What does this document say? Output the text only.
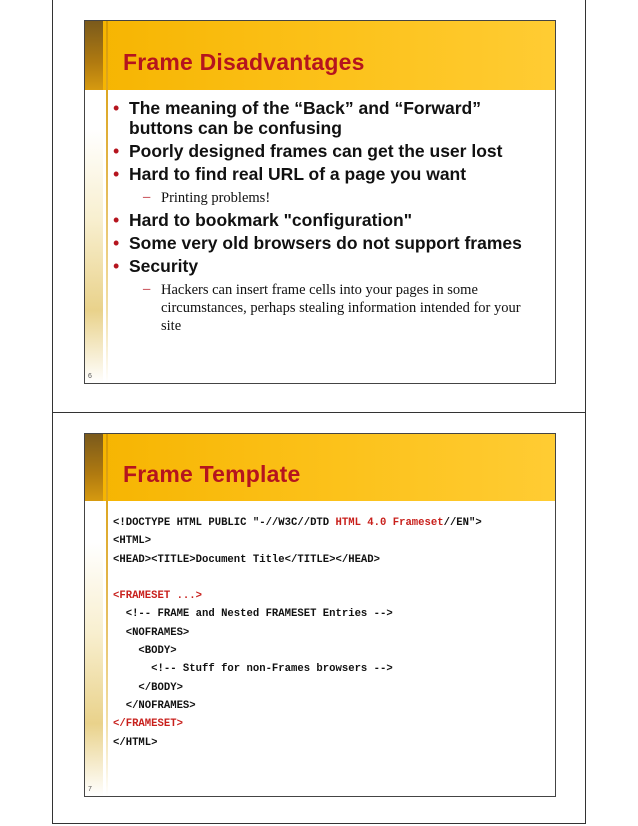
Frame Disadvantages
• The meaning of the “Back” and “Forward” buttons can be confusing
• Poorly designed frames can get the user lost
• Hard to find real URL of a page you want
– Printing problems!
• Hard to bookmark "configuration"
• Some very old browsers do not support frames
• Security
– Hackers can insert frame cells into your pages in some circumstances, perhaps stealing information intended for your site
6
Frame Template
<!DOCTYPE HTML PUBLIC "-//W3C//DTD HTML 4.0 Frameset//EN">
<HTML>
<HEAD><TITLE>Document Title</TITLE></HEAD>
<FRAMESET ...>
<!-- FRAME and Nested FRAMESET Entries -->
<NOFRAMES>
<BODY>
<!-- Stuff for non-Frames browsers -->
</BODY>
</NOFRAMES>
</FRAMESET>
</HTML>
7
